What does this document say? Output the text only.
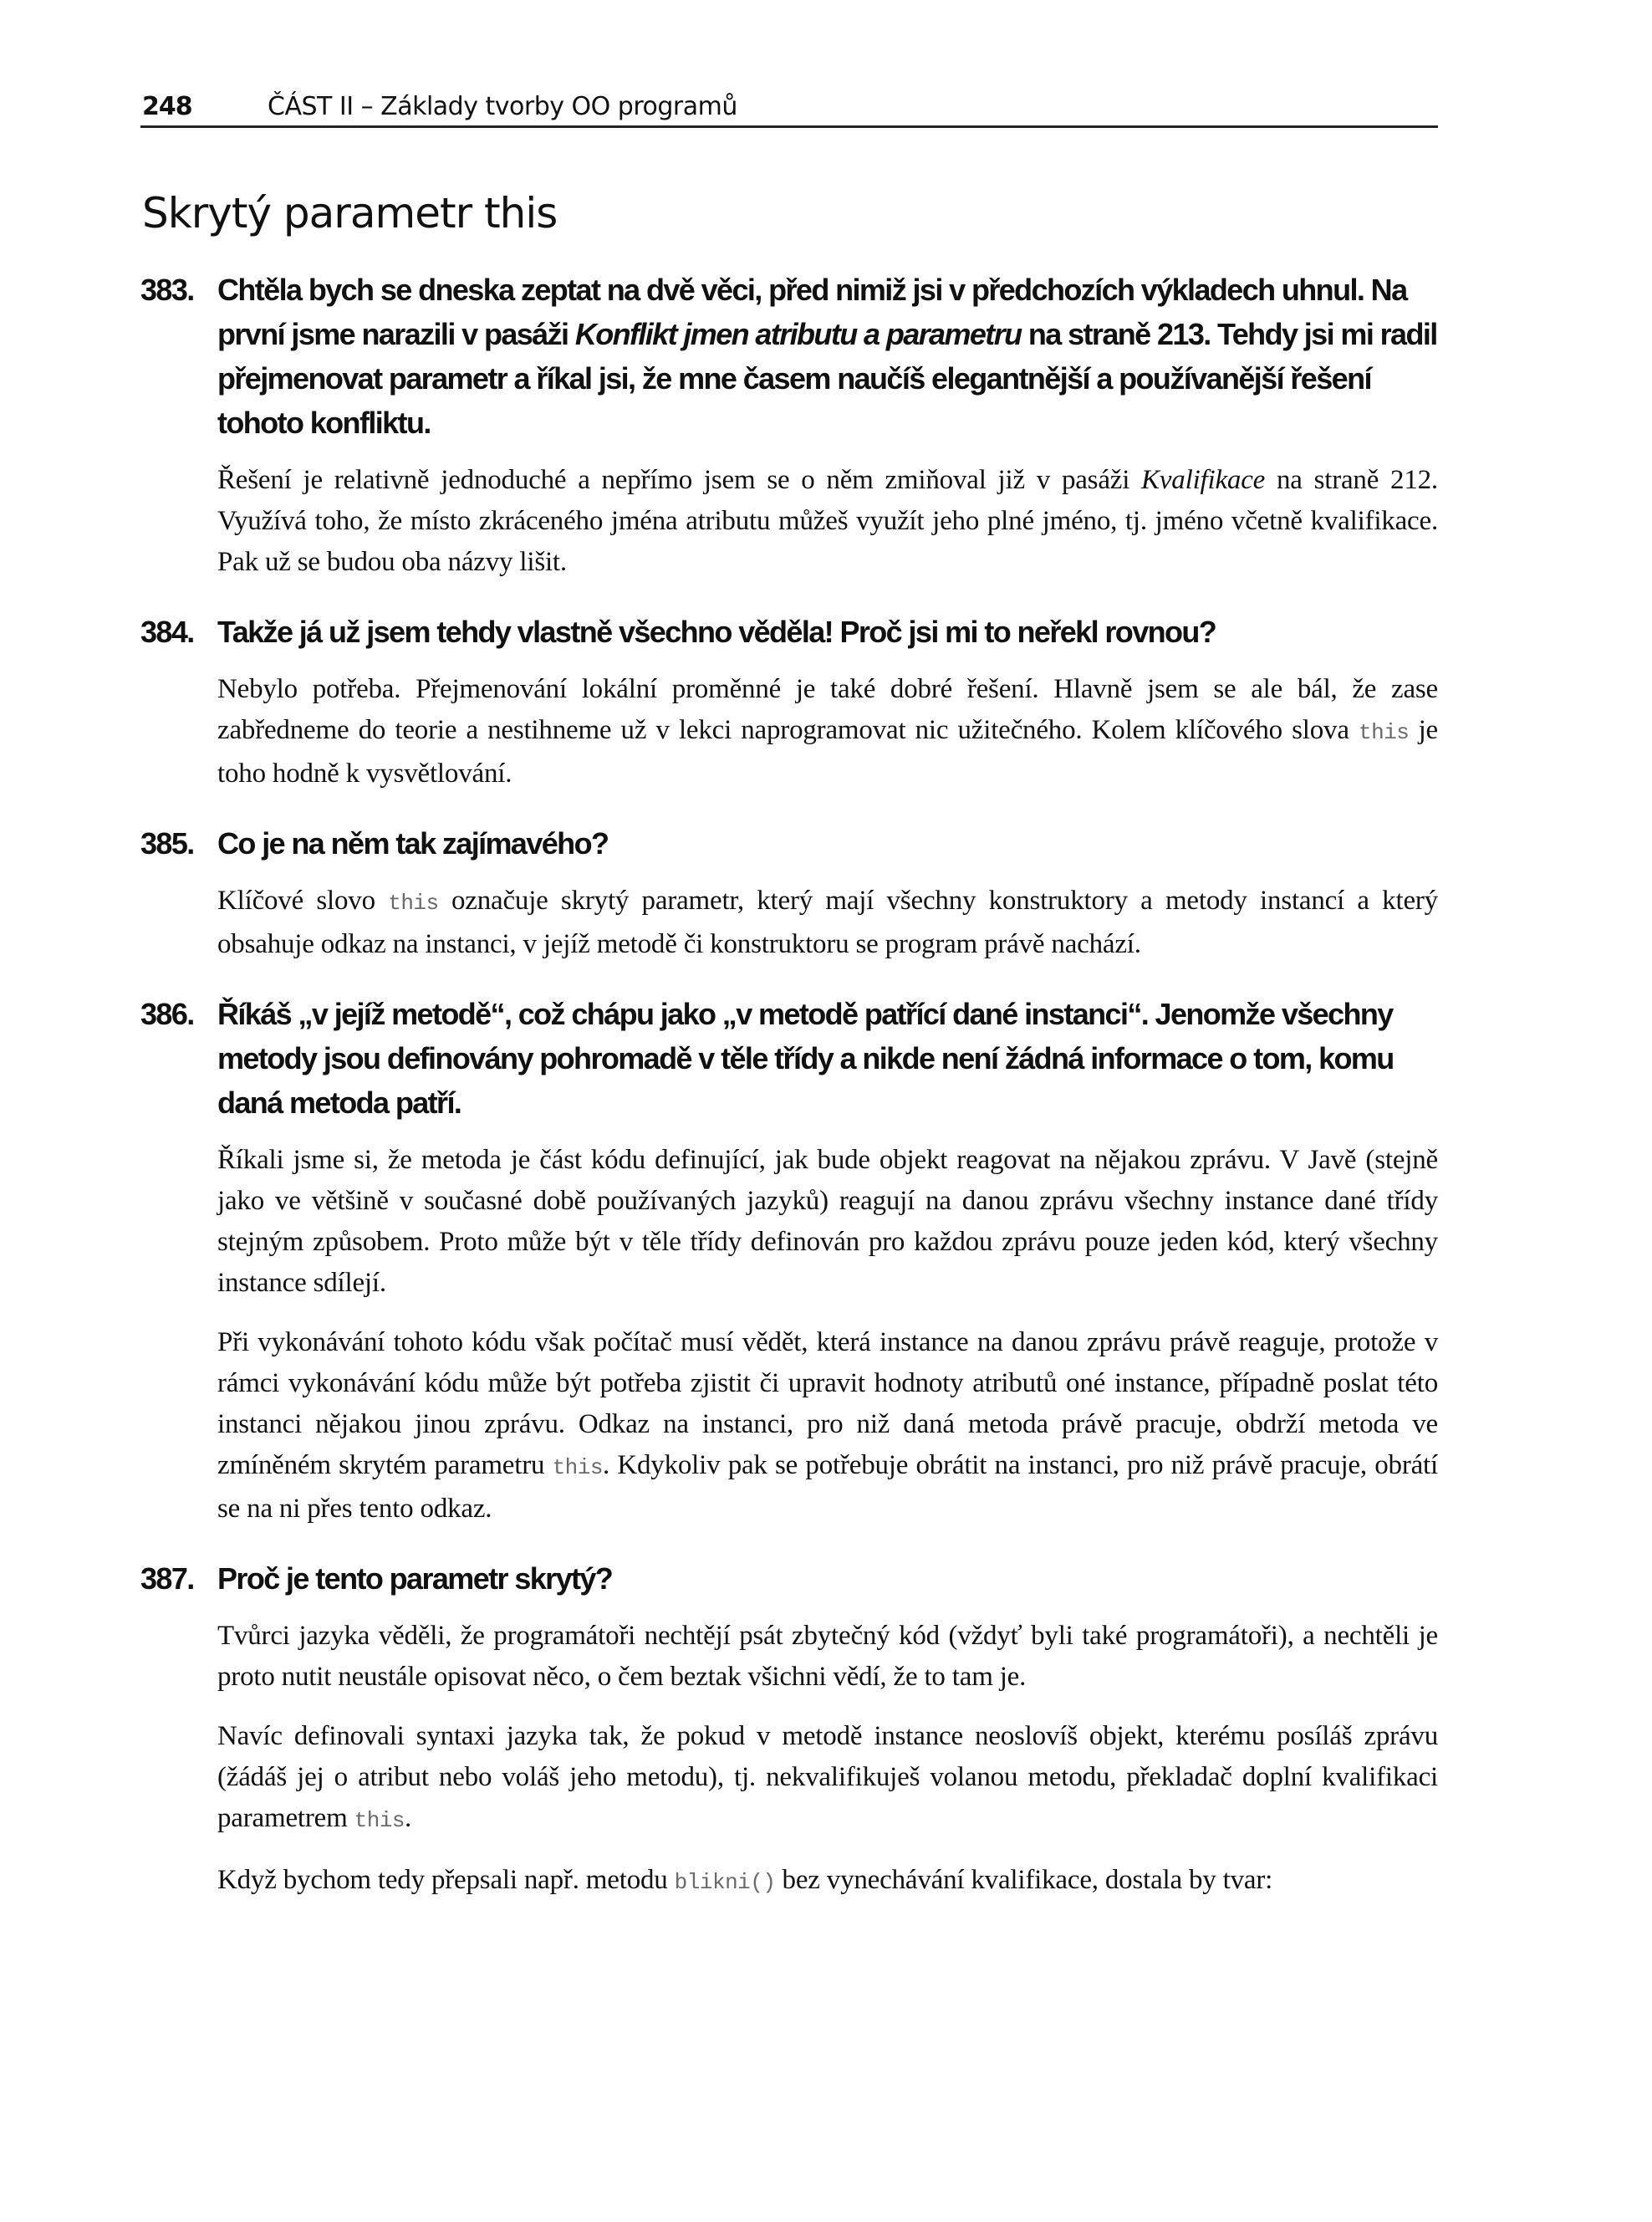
248	ČÁST II – Základy tvorby OO programů
Skrytý parametr this
383. Chtěla bych se dneska zeptat na dvě věci, před nimiž jsi v předchozích výkladech uhnul. Na první jsme narazili v pasáži Konflikt jmen atributu a parametru na straně 213. Tehdy jsi mi radil přejmenovat parametr a říkal jsi, že mne časem naučíš elegantnější a používanější řešení tohoto konfliktu.

Řešení je relativně jednoduché a nepřímo jsem se o něm zmiňoval již v pasáži Kvalifikace na straně 212. Využívá toho, že místo zkráceného jména atributu můžeš využít jeho plné jméno, tj. jméno včetně kvalifikace. Pak už se budou oba názvy lišit.

384. Takže já už jsem tehdy vlastně všechno věděla! Proč jsi mi to neřekl rovnou?

Nebylo potřeba. Přejmenování lokální proměnné je také dobré řešení. Hlavně jsem se ale bál, že zase zabředneme do teorie a nestihneme už v lekci naprogramovat nic užitečného. Kolem klíčového slova this je toho hodně k vysvětlování.

385. Co je na něm tak zajímavého?

Klíčové slovo this označuje skrytý parametr, který mají všechny konstruktory a metody instancí a který obsahuje odkaz na instanci, v jejíž metodě či konstruktoru se program právě nachází.

386. Říkáš „v jejíž metodě“, což chápu jako „v metodě patřící dané instanci“. Jenomže všechny metody jsou definovány pohromadě v těle třídy a nikde není žádná informace o tom, komu daná metoda patří.

Říkali jsme si, že metoda je část kódu definující, jak bude objekt reagovat na nějakou zprávu. V Javě (stejně jako ve většině v současné době používaných jazyků) reagují na danou zprávu všechny instance dané třídy stejným způsobem. Proto může být v těle třídy definován pro každou zprávu pouze jeden kód, který všechny instance sdílejí.

Při vykonávání tohoto kódu však počítač musí vědět, která instance na danou zprávu právě reaguje, protože v rámci vykonávání kódu může být potřeba zjistit či upravit hodnoty atributů oné instance, případně poslat této instanci nějakou jinou zprávu. Odkaz na instanci, pro niž daná metoda právě pracuje, obdrží metoda ve zmíněném skrytém parametru this. Kdykoliv pak se potřebuje obrátit na instanci, pro niž právě pracuje, obrátí se na ni přes tento odkaz.

387. Proč je tento parametr skrytý?

Tvůrci jazyka věděli, že programátoři nechtějí psát zbytečný kód (vždyť byli také programátoři), a nechtěli je proto nutit neustále opisovat něco, o čem beztak všichni vědí, že to tam je.

Navíc definovali syntaxi jazyka tak, že pokud v metodě instance neoslovíš objekt, kterému posíláš zprávu (žádáš jej o atribut nebo voláš jeho metodu), tj. nekvalifikuješ volanou metodu, překladač doplní kvalifikaci parametrem this.

Když bychom tedy přepsali např. metodu blikni() bez vynechávání kvalifikace, dostala by tvar:
